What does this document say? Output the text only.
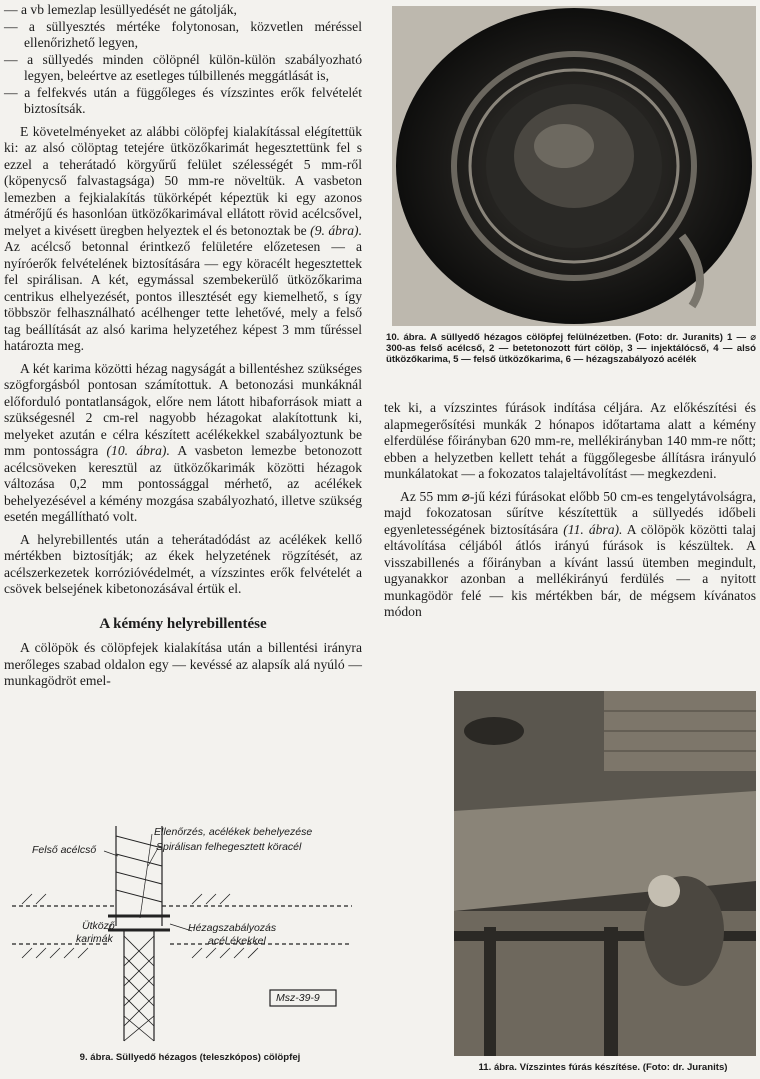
— a vb lemezlap lesüllyedését ne gátolják,
— a süllyesztés mértéke folytonosan, közvetlen méréssel ellenőrizhető legyen,
— a süllyedés minden cölöpnél külön-külön szabályozható legyen, beleértve az esetleges túlbillenés meggátlását is,
— a felfekvés után a függőleges és vízszintes erők felvételét biztosítsák.

E követelményeket az alábbi cölöpfej kialakítással elégítettük ki: az alsó cölöptag tetejére ütközőkarimát hegesztettünk fel s ezzel a teherátadó körgyűrű felület szélességét 5 mm-ről (köpenycső falvastagsága) 50 mm-re növeltük. A vasbeton lemezben a fejkialakítás tükörképét képeztük ki egy azonos átmérőjű és hasonlóan ütközőkarimával ellátott rövid acélcsővel, melyet a kivésett üregben helyeztek el és betonoztak be (9. ábra). Az acélcső betonnal érintkező felületére előzetesen — a nyíróerők felvételének biztosítására — egy köracélt hegesztettek fel spirálisan. A két, egymással szembekerülő ütközőkarima centrikus elhelyezését, pontos illesztését egy kiemelhető, s így többször felhasználható acélhenger tette lehetővé, mely a felső tag beállítását az alsó karima helyzetéhez képest 3 mm tűréssel határozta meg.

A két karima közötti hézag nagyságát a billentéshez szükséges szögforgásból pontosan számítottuk. A betonozási munkáknál előforduló pontatlanságok, előre nem látott hibaforrások miatt a szükségesnél 2 cm-rel nagyobb hézagokat alakítottunk ki, melyeket azután e célra készített acélékekkel szabályoztunk be mm pontosságra (10. ábra). A vasbeton lemezbe betonozott acélcsöveken keresztül az ütközőkarimák közötti hézagok változása 0,2 mm pontossággal mérhető, az acélékek behelyezésével a kémény mozgása szabályozható, illetve szükség esetén megállítható volt.

A helyrebillentés után a teherátadódást az acélékek kellő mértékben biztosítják; az ékek helyzetének rögzítését, az acélszerkezetek korrózióvédelmét, a vízszintes erők felvételét a csövek belsejének kibetonozásával értük el.

A kémény helyrebillentése

A cölöpök és cölöpfejek kialakítása után a billentési irányra merőleges szabad oldalon egy — kevéssé az alapsík alá nyúló — munkagödröt emel-

10. ábra. A süllyedő hézagos cölöpfej felülnézetben. (Foto: dr. Juranits) 1 — ⌀ 300-as felső acélcső, 2 — betetonozott fúrt cölöp, 3 — injektálócső, 4 — alsó ütközőkarima, 5 — felső ütközőkarima, 6 — hézagszabályozó acélék

tek ki, a vízszintes fúrások indítása céljára. Az előkészítési és alapmegerősítési munkák 2 hónapos időtartama alatt a kémény elferdülése főirányban 620 mm-re, mellékirányban 140 mm-re nőtt; ebben a helyzetben kellett tehát a függőlegesbe állításra irányuló munkálatokat — a fokozatos talajeltávolítást — megkezdeni.

Az 55 mm ⌀-jű kézi fúrásokat előbb 50 cm-es tengelytávolságra, majd fokozatosan sűrítve készítettük a süllyedés időbeli egyenletességének biztosítására (11. ábra). A cölöpök közötti talaj eltávolítása céljából átlós irányú fúrások is készültek. A visszabillenés a főirányban a kívánt lassú ütemben megindult, ugyanakkor azonban a mellékirányú ferdülés — a nyitott munkagödör felé — kis mértékben bár, de mégsem kívánatos módon

11. ábra. Vízszintes fúrás készítése. (Foto: dr. Juranits)
Ellenőrzés, acélékek behelyezése
Spirálisan felhegesztett köracél
Felső acélcső
Ütköző
karimák
Hézagszabályozás
acél ékekkel
Msz-39-9
9. ábra. Süllyedő hézagos (teleszkópos) cölöpfej
